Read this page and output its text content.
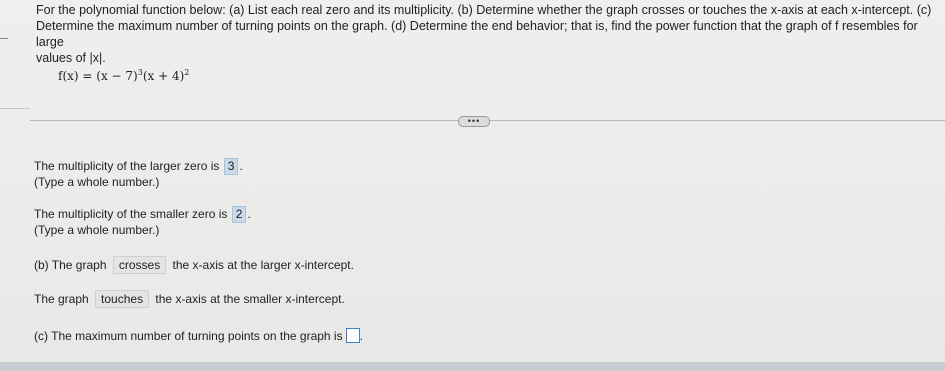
For the polynomial function below: (a) List each real zero and its multiplicity. (b) Determine whether the graph crosses or touches the x-axis at each x-intercept. (c)
Determine the maximum number of turning points on the graph. (d) Determine the end behavior; that is, find the power function that the graph of f resembles for large
values of |x|.
$f(x) = (x - 7)^3(x + 4)^2$
•••
The multiplicity of the larger zero is 3 .
(Type a whole number.)
The multiplicity of the smaller zero is 2 .
(Type a whole number.)
(b) The graph crosses the x-axis at the larger x-intercept.
The graph touches the x-axis at the smaller x-intercept.
(c) The maximum number of turning points on the graph is .
